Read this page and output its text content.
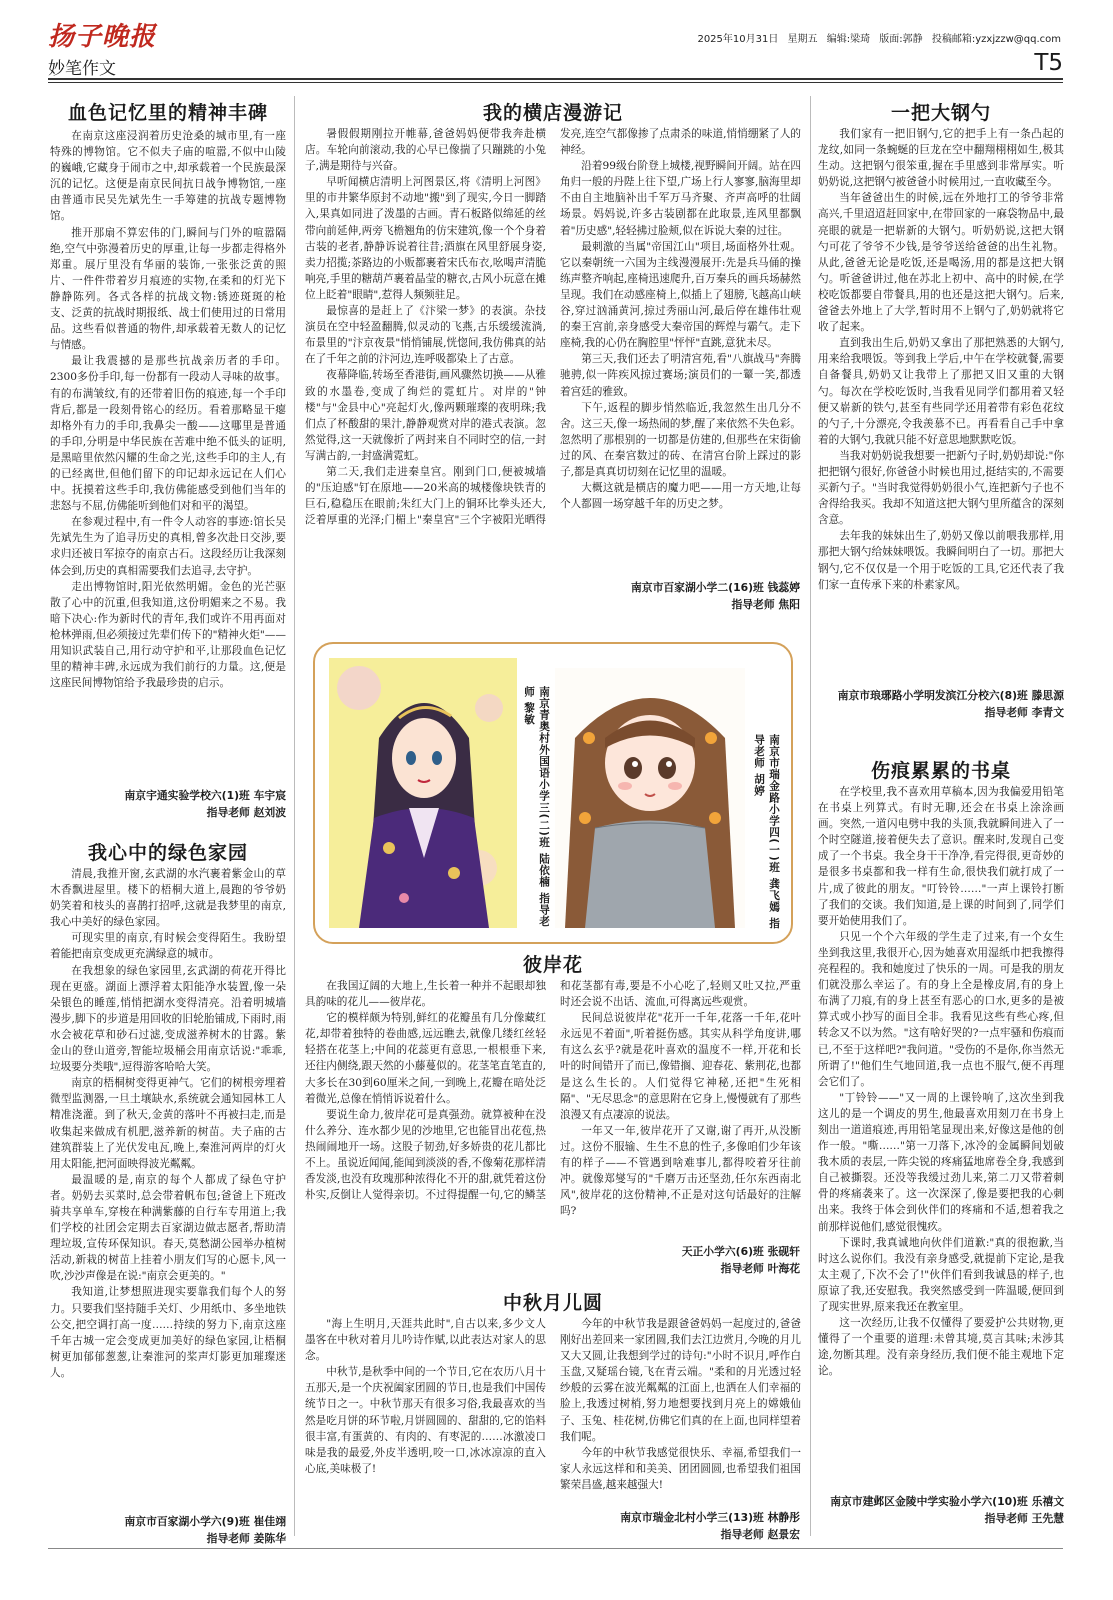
扬子晚报	2025年10月31日 星期五 编辑:梁琦 版面:郭静 投稿邮箱:yzxjzzw@qq.com
妙笔作文	T5
血色记忆里的精神丰碑

在南京这座浸润着历史沧桑的城市里,有一座特殊的博物馆。它不似夫子庙的喧嚣,不似中山陵的巍峨,它藏身于闹市之中,却承载着一个民族最深沉的记忆。这便是南京民间抗日战争博物馆,一座由普通市民吴先斌先生一手筹建的抗战专题博物馆。

推开那扇不算宏伟的门,瞬间与门外的喧嚣隔绝,空气中弥漫着历史的厚重,让每一步都走得格外郑重。展厅里没有华丽的装饰,一张张泛黄的照片、一件件带着岁月痕迹的实物,在柔和的灯光下静静陈列。各式各样的抗战文物:锈迹斑斑的枪支、泛黄的抗战时期报纸、战士们使用过的日常用品。这些看似普通的物件,却承载着无数人的记忆与情感。

最让我震撼的是那些抗战亲历者的手印。2300多份手印,每一份都有一段动人寻味的故事。有的布满皱纹,有的还带着旧伤的痕迹,每一个手印背后,都是一段刻骨铭心的经历。看着那略显干瘪却格外有力的手印,我鼻尖一酸——这哪里是普通的手印,分明是中华民族在苦难中绝不低头的证明,是黑暗里依然闪耀的生命之光,这些手印的主人,有的已经离世,但他们留下的印记却永远记在人们心中。抚摸着这些手印,我仿佛能感受到他们当年的悲怒与不屈,仿佛能听到他们对和平的渴望。

在参观过程中,有一件令人动容的事迹:馆长吴先斌先生为了追寻历史的真相,曾多次赴日交涉,要求归还被日军掠夺的南京古石。这段经历让我深刻体会到,历史的真相需要我们去追寻,去守护。

走出博物馆时,阳光依然明媚。金色的光芒驱散了心中的沉重,但我知道,这份明媚来之不易。我暗下决心:作为新时代的青年,我们或许不用再面对枪林弹雨,但必须接过先辈们传下的"精神火炬"——用知识武装自己,用行动守护和平,让那段血色记忆里的精神丰碑,永远成为我们前行的力量。这,便是这座民间博物馆给予我最珍贵的启示。

南京宇通实验学校六(1)班 车宇宸
指导老师 赵刘波
我心中的绿色家园

清晨,我推开窗,玄武湖的水汽裹着紫金山的草木香飘进屋里。楼下的梧桐大道上,晨跑的爷爷奶奶笑着和枝头的喜鹊打招呼,这就是我梦里的南京,我心中美好的绿色家园。

可现实里的南京,有时候会变得陌生。我盼望着能把南京变成更充满绿意的城市。

在我想象的绿色家园里,玄武湖的荷花开得比现在更盛。湖面上漂浮着太阳能净水装置,像一朵朵银色的睡莲,悄悄把湖水变得清亮。沿着明城墙漫步,脚下的步道是用回收的旧轮胎铺成,下雨时,雨水会被花草和砂石过滤,变成滋养树木的甘露。紫金山的登山道旁,智能垃圾桶会用南京话说:"乖乖,垃圾要分类哦",逗得游客哈哈大笑。

南京的梧桐树变得更神气。它们的树根旁埋着微型监测器,一旦土壤缺水,系统就会通知园林工人精准浇灌。到了秋天,金黄的落叶不再被扫走,而是收集起来做成有机肥,滋养新的树苗。夫子庙的古建筑群装上了光伏发电瓦,晚上,秦淮河两岸的灯火用太阳能,把河面映得波光粼粼。

最温暖的是,南京的每个人都成了绿色守护者。奶奶去买菜时,总会带着帆布包;爸爸上下班改骑共享单车,穿梭在种满紫藤的自行车专用道上;我们学校的社团会定期去百家湖边做志愿者,帮助清理垃圾,宣传环保知识。春天,莫愁湖公园举办植树活动,新栽的树苗上挂着小朋友们写的心愿卡,风一吹,沙沙声像是在说:"南京会更美的。"

我知道,让梦想照进现实要靠我们每个人的努力。只要我们坚持随手关灯、少用纸巾、多坐地铁公交,把空调打高一度……持续的努力下,南京这座千年古城一定会变成更加美好的绿色家园,让梧桐树更加郁郁葱葱,让秦淮河的桨声灯影更加璀璨迷人。

南京市百家湖小学六(9)班 崔佳翊
指导老师 姜陈华
我的横店漫游记

暑假假期刚拉开帷幕,爸爸妈妈便带我奔赴横店。车轮向前滚动,我的心早已像揣了只蹦跳的小兔子,满是期待与兴奋。

早听闻横店清明上河图景区,将《清明上河图》里的市井繁华原封不动地"搬"到了现实,今日一脚踏入,果真如同进了泼墨的古画。青石板路似绵延的丝带向前延伸,两旁飞檐翘角的仿宋建筑,像一个个身着古装的老者,静静诉说着往昔;酒旗在风里舒展身姿,卖力招揽;茶路边的小贩都裹着宋氏布衣,吆喝声清脆响亮,手里的糖葫芦裹着晶莹的糖衣,古风小玩意在摊位上眨着"眼睛",惹得人频频驻足。

最惊喜的是赶上了《汴梁一梦》的表演。杂技演员在空中轻盈翻腾,似灵动的飞燕,古乐缓缓流淌,布景里的"汴京夜景"悄悄铺展,恍惚间,我仿佛真的站在了千年之前的汴河边,连呼吸都染上了古意。

夜幕降临,转场至香港街,画风骤然切换——从雅致的水墨卷,变成了绚烂的霓虹片。对岸的"钟楼"与"金县中心"亮起灯火,像两颗璀璨的夜明珠;我们点了杯酸甜的果汁,静静观赏对岸的港式表演。忽然觉得,这一天就像折了两封来自不同时空的信,一封写满古韵,一封盛满霓虹。

第二天,我们走进秦皇宫。刚到门口,便被城墙的"压迫感"钉在原地——20米高的城楼像块铁青的巨石,稳稳压在眼前;朱红大门上的铜环比拳头还大,泛着厚重的光泽;门楣上"秦皇宫"三个字被阳光晒得发亮,连空气都像掺了点肃杀的味道,悄悄绷紧了人的神经。

沿着99级台阶登上城楼,视野瞬间开阔。站在四角归一般的丹陛上往下望,广场上行人寥寥,脑海里却不由自主地脑补出千军万马齐聚、齐声高呼的壮阔场景。妈妈说,许多古装剧都在此取景,连风里都飘着"历史感",轻轻拂过脸颊,似在诉说大秦的过往。

最刺激的当属"帝国江山"项目,场面格外壮观。它以秦朝统一六国为主线漫漫展开:先是兵马俑的操练声整齐响起,座椅迅速爬升,百万秦兵的画兵场赫然呈现。我们在动感座椅上,似插上了翅膀,飞越高山峡谷,穿过汹涌黄河,掠过秀丽山河,最后停在雄伟壮观的秦王宫前,亲身感受大秦帝国的辉煌与霸气。走下座椅,我的心仍在胸腔里"怦怦"直跳,意犹未尽。

第三天,我们还去了明清宫苑,看"八旗战马"奔腾驰骋,似一阵疾风掠过赛场;演员们的一颦一笑,都透着宫廷的雅致。

下午,返程的脚步悄然临近,我忽然生出几分不舍。这三天,像一场热闹的梦,醒了来依然不失色彩。忽然明了那根别的一切都是仿建的,但那些在宋街偷过的风、在秦宫数过的砖、在清宫台阶上踩过的影子,都是真真切切刻在记忆里的温暖。

大概这就是横店的魔力吧——用一方天地,让每个人都圆一场穿越千年的历史之梦。

南京市百家湖小学二(16)班 钱蕊婷
指导老师 焦阳
南京青奥村外国语小学三(二)班 陆依楠 指导老师 黎敏
南京市瑞金路小学四(一)班 龚飞嫣 指导老师 胡婷
彼岸花

在我国辽阔的大地上,生长着一种并不起眼却独具韵味的花儿——彼岸花。

它的模样颇为特别,鲜红的花瓣虽有几分像藏红花,却带着独特的卷曲感,远远瞧去,就像几缕红丝轻轻搭在花茎上;中间的花蕊更有意思,一根根垂下来,还往内侧绕,跟天然的小藤蔓似的。花茎笔直笔直的,大多长在30到60厘米之间,一到晚上,花瓣在暗处泛着微光,总像在悄悄诉说着什么。

要说生命力,彼岸花可是真强劲。就算被种在没什么养分、连水都少见的沙地里,它也能冒出花苞,热热闹闹地开一场。这股子韧劲,好多娇贵的花儿都比不上。虽说近闻闻,能闻到淡淡的香,不像菊花那样清香发淡,也没有玫瑰那种浓得化不开的甜,就凭着这份朴实,反倒让人觉得亲切。不过得提醒一句,它的鳞茎和花茎都有毒,要是不小心吃了,轻则又吐又拉,严重时还会说不出话、流血,可得离远些观赏。

民间总说彼岸花"花开一千年,花落一千年,花叶永远见不着面",听着挺伤感。其实从科学角度讲,哪有这么玄乎?就是花叶喜欢的温度不一样,开花和长叶的时间错开了而已,像错搁、迎春花、紫荆花,也都是这么生长的。人们觉得它神秘,还把"生死相隔"、"无尽思念"的意思附在它身上,慢慢就有了那些浪漫又有点凄凉的说法。

一年又一年,彼岸花开了又谢,谢了再开,从没断过。这份不服输、生生不息的性子,多像咱们少年该有的样子——不管遇到啥难事儿,都得咬着牙往前冲。就像郑燮写的"千磨万击还坚劲,任尔东西南北风",彼岸花的这份精神,不正是对这句话最好的注解吗?

天正小学六(6)班 张砚轩
指导老师 叶海花
中秋月儿圆

"海上生明月,天涯共此时",自古以来,多少文人墨客在中秋对着月儿吟诗作赋,以此表达对家人的思念。

中秋节,是秋季中间的一个节日,它在农历八月十五那天,是一个庆祝阖家团圆的节日,也是我们中国传统节日之一。中秋节那天有很多习俗,我最喜欢的当然是吃月饼的环节啦,月饼圆圆的、甜甜的,它的馅料很丰富,有蛋黄的、有肉的、有枣泥的……冰激凌口味是我的最爱,外皮半透明,咬一口,冰冰凉凉的直入心底,美味极了!

今年的中秋节我是跟爸爸妈妈一起度过的,爸爸刚好出差回来一家团圆,我们去江边赏月,今晚的月儿又大又圆,让我想到学过的诗句:"小时不识月,呼作白玉盘,又疑瑶台镜,飞在青云端。"柔和的月光透过轻纱般的云雾在波光粼粼的江面上,也洒在人们幸福的脸上,我透过树梢,努力地想要找到月亮上的嫦娥仙子、玉兔、桂花树,仿佛它们真的在上面,也同样望着我们呢。

今年的中秋节我感觉很快乐、幸福,希望我们一家人永远这样和和美美、团团圆圆,也希望我们祖国繁荣昌盛,越来越强大!

南京市瑞金北村小学三(13)班 林静彤
指导老师 赵景宏
一把大钢勺

我们家有一把旧钢勺,它的把手上有一条凸起的龙纹,如同一条蜿蜒的巨龙在空中翻翔栩栩如生,极其生动。这把钢勺很笨重,握在手里感到非常厚实。听奶奶说,这把钢勺被爸爸小时候用过,一直收藏至今。

当年爸爸出生的时候,远在外地打工的爷爷非常高兴,千里迢迢赶回家中,在带回家的一麻袋物品中,最亮眼的就是一把崭新的大钢勺。听奶奶说,这把大钢勺可花了爷爷不少钱,是爷爷送给爸爸的出生礼物。从此,爸爸无论是吃饭,还是喝汤,用的都是这把大钢勺。听爸爸讲过,他在苏北上初中、高中的时候,在学校吃饭都要自带餐具,用的也还是这把大钢勺。后来,爸爸去外地上了大学,暂时用不上钢勺了,奶奶就将它收了起来。

直到我出生后,奶奶又拿出了那把熟悉的大钢勺,用来给我喂饭。等到我上学后,中午在学校就餐,需要自备餐具,奶奶又让我带上了那把又旧又重的大钢勺。每次在学校吃饭时,当我看见同学们都用着又轻便又崭新的铁勺,甚至有些同学还用着带有彩色花纹的勺子,十分漂亮,令我羡慕不已。再看看自己手中拿着的大钢勺,我就只能不好意思地默默吃饭。

当我对奶奶说我想要一把新勺子时,奶奶却说:"你把把钢勺很好,你爸爸小时候也用过,挺结实的,不需要买新勺子。"当时我觉得奶奶很小气,连把新勺子也不舍得给我买。我却不知道这把大钢勺里所蕴含的深刻含意。

去年我的妹妹出生了,奶奶又像以前喂我那样,用那把大钢勺给妹妹喂饭。我瞬间明白了一切。那把大钢勺,它不仅仅是一个用于吃饭的工具,它还代表了我们家一直传承下来的朴素家风。

南京市琅琊路小学明发滨江分校六(8)班 滕思源
指导老师 李青文
伤痕累累的书桌

在学校里,我不喜欢用草稿本,因为我偏爱用铅笔在书桌上列算式。有时无聊,还会在书桌上涂涂画画。突然,一道闪电劈中我的头顶,我就瞬间进入了一个时空隧道,接着便失去了意识。醒来时,发现自己变成了一个书桌。我全身干干净净,看完得很,更奇妙的是很多书桌都和我一样有生命,很快我们就打成了一片,成了彼此的朋友。"叮铃铃……"一声上课铃打断了我们的交谈。我们知道,是上课的时间到了,同学们要开始使用我们了。

只见一个个六年级的学生走了过来,有一个女生坐到我这里,我很开心,因为她喜欢用湿纸巾把我擦得亮程程的。我和她度过了快乐的一周。可是我的朋友们就没那么幸运了。有的身上全是橡皮屑,有的身上布满了刀痕,有的身上甚至有恶心的口水,更多的是被算式或小抄写的面目全非。我看见这些有些心疼,但转念又不以为然。"这有啥好哭的?一点牢骚和伤痕而已,不至于这样吧?"我问道。"受伤的不是你,你当然无所谓了!"他们生气地回道,我一点也不服气,便不再理会它们了。

"丁铃铃——"又一周的上课铃响了,这次坐到我这儿的是一个调皮的男生,他最喜欢用刻刀在书身上刻出一道道痕迹,再用铅笔显现出来,好像这是他的创作一般。"嘶……"第一刀落下,冰冷的金属瞬间划破我木质的表层,一阵尖锐的疼痛猛地席卷全身,我感到自己被撕裂。还没等我缓过劲儿来,第二刀又带着刺骨的疼痛袭来了。这一次深深了,像是要把我的心刺出来。我终于体会到伙伴们的疼痛和不适,想着我之前那样说他们,感觉很愧疚。

下课时,我真诚地向伙伴们道歉:"真的很抱歉,当时这么说你们。我没有亲身感受,就提前下定论,是我太主观了,下次不会了!"伙伴们看到我诚恳的样子,也原谅了我,还安慰我。我突然感受到一阵温暖,便回到了现实世界,原来我还在教室里。

这一次经历,让我不仅懂得了要爱护公共财物,更懂得了一个重要的道理:未曾其境,莫言其味;未涉其途,勿断其理。没有亲身经历,我们便不能主观地下定论。

南京市建邺区金陵中学实验小学六(10)班 乐禧文
指导老师 王先慧
